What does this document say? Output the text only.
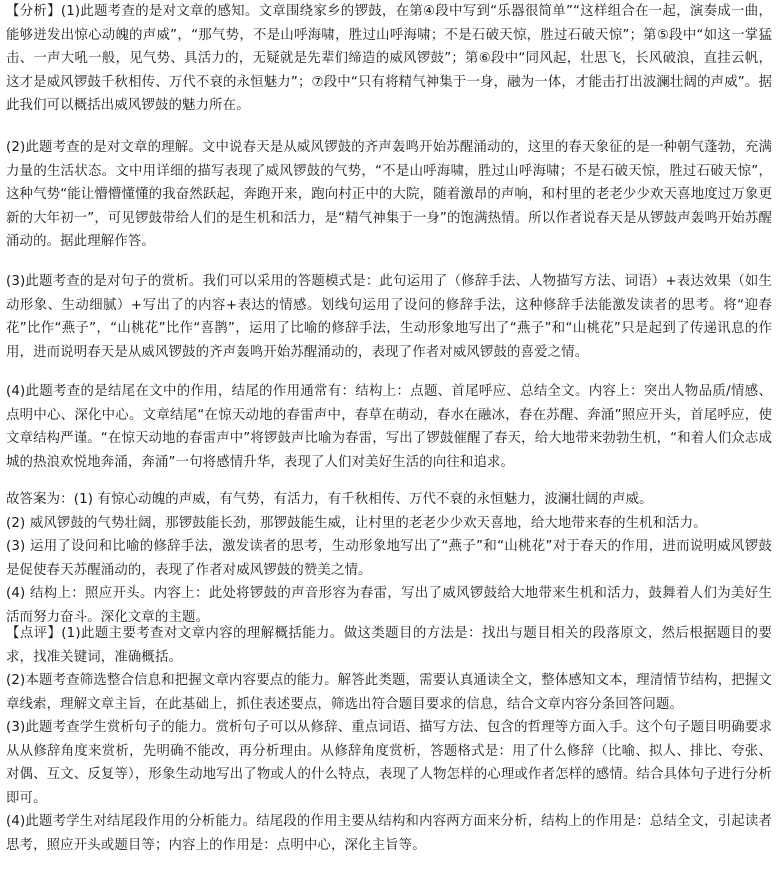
【分析】(1)此题考查的是对文章的感知。文章围绕家乡的锣鼓，在第④段中写到“乐器很简单”“这样组合在一起，演奏成一曲，能够迸发出惊心动魄的声威”，“那气势，不是山呼海啸，胜过山呼海啸；不是石破天惊，胜过石破天惊”；第⑤段中“如这一掌猛击、一声大吼一般，见气势、具活力的，无疑就是先辈们缔造的威风锣鼓”；第⑥段中“同风起，壮思飞，长风破浪，直挂云帆，这才是威风锣鼓千秋相传、万代不衰的永恒魅力”；⑦段中“只有将精气神集于一身，融为一体，才能击打出波澜壮阔的声威”。据此我们可以概括出威风锣鼓的魅力所在。

(2)此题考查的是对文章的理解。文中说春天是从威风锣鼓的齐声轰鸣开始苏醒涌动的，这里的春天象征的是一种朝气蓬勃，充满力量的生活状态。文中用详细的描写表现了威风锣鼓的气势，“不是山呼海啸，胜过山呼海啸；不是石破天惊，胜过石破天惊”，这种气势“能让懵懵懂懂的我奋然跃起，奔跑开来，跑向村正中的大院，随着激昂的声响，和村里的老老少少欢天喜地度过万象更新的大年初一”，可见锣鼓带给人们的是生机和活力，是“精气神集于一身”的饱满热情。所以作者说春天是从锣鼓声轰鸣开始苏醒涌动的。据此理解作答。

(3)此题考查的是对句子的赏析。我们可以采用的答题模式是：此句运用了（修辞手法、人物描写方法、词语）+表达效果（如生动形象、生动细腻）+写出了的内容+表达的情感。划线句运用了设问的修辞手法，这种修辞手法能激发读者的思考。将“迎春花”比作“燕子”，“山桃花”比作“喜鹊”，运用了比喻的修辞手法，生动形象地写出了“燕子”和“山桃花”只是起到了传递讯息的作用，进而说明春天是从威风锣鼓的齐声轰鸣开始苏醒涌动的，表现了作者对威风锣鼓的喜爱之情。

(4)此题考查的是结尾在文中的作用，结尾的作用通常有：结构上：点题、首尾呼应、总结全文。内容上：突出人物品质/情感、点明中心、深化中心。文章结尾“在惊天动地的春雷声中，春草在萌动，春水在融冰，春在苏醒、奔涌”照应开头，首尾呼应，使文章结构严谨。“在惊天动地的春雷声中”将锣鼓声比喻为春雷，写出了锣鼓催醒了春天，给大地带来勃勃生机，“和着人们众志成城的热浪欢悦地奔涌，奔涌”一句将感情升华，表现了人们对美好生活的向往和追求。

故答案为：(1) 有惊心动魄的声威，有气势，有活力，有千秋相传、万代不衰的永恒魅力，波澜壮阔的声威。

(2) 威风锣鼓的气势壮阔，那锣鼓能长劲，那锣鼓能生威，让村里的老老少少欢天喜地，给大地带来春的生机和活力。

(3) 运用了设问和比喻的修辞手法，激发读者的思考，生动形象地写出了“燕子”和“山桃花”对于春天的作用，进而说明威风锣鼓是促使春天苏醒涌动的，表现了作者对威风锣鼓的赞美之情。

(4) 结构上：照应开头。内容上：此处将锣鼓的声音形容为春雷，写出了威风锣鼓给大地带来生机和活力，鼓舞着人们为美好生活而努力奋斗。深化文章的主题。

【点评】(1)此题主要考查对文章内容的理解概括能力。做这类题目的方法是：找出与题目相关的段落原文，然后根据题目的要求，找准关键词，准确概括。

(2)本题考查筛选整合信息和把握文章内容要点的能力。解答此类题，需要认真通读全文，整体感知文本，理清情节结构，把握文章线索，理解文章主旨，在此基础上，抓住表述要点，筛选出符合题目要求的信息，结合文章内容分条回答问题。

(3)此题考查学生赏析句子的能力。赏析句子可以从修辞、重点词语、描写方法、包含的哲理等方面入手。这个句子题目明确要求从从修辞角度来赏析，先明确不能改，再分析理由。从修辞角度赏析，答题格式是：用了什么修辞（比喻、拟人、排比、夸张、对偶、互文、反复等），形象生动地写出了物或人的什么特点，表现了人物怎样的心理或作者怎样的感情。结合具体句子进行分析即可。

(4)此题考学生对结尾段作用的分析能力。结尾段的作用主要从结构和内容两方面来分析，结构上的作用是：总结全文，引起读者思考，照应开头或题目等；内容上的作用是：点明中心，深化主旨等。
